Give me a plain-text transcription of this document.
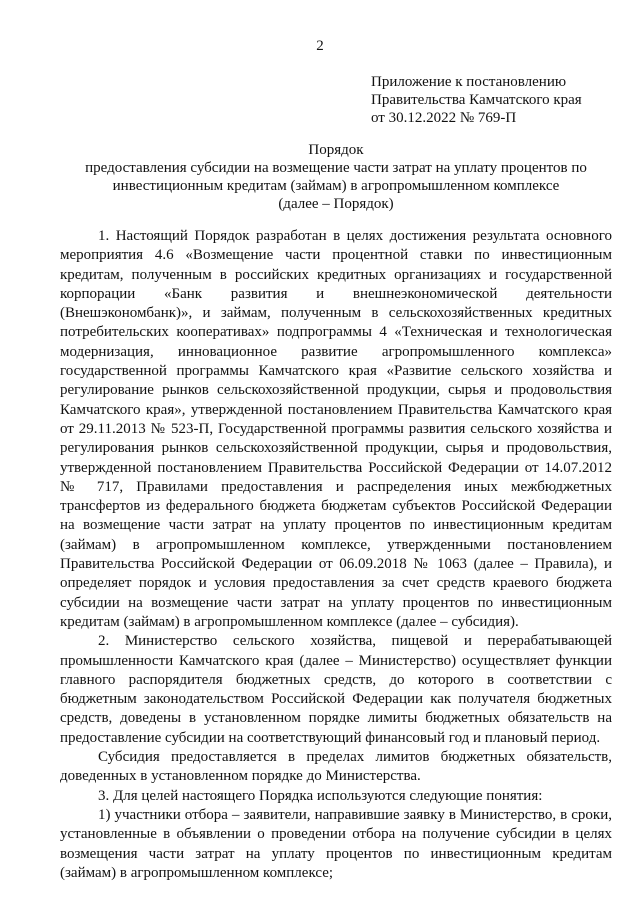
2
Приложение к постановлению
Правительства Камчатского края
от 30.12.2022 № 769-П
Порядок
предоставления субсидии на возмещение части затрат на уплату процентов по
инвестиционным кредитам (займам) в агропромышленном комплексе
(далее – Порядок)

1. Настоящий Порядок разработан в целях достижения результата основного мероприятия 4.6 «Возмещение части процентной ставки по инвестиционным кредитам, полученным в российских кредитных организациях и государственной корпорации «Банк развития и внешнеэкономической деятельности (Внешэкономбанк)», и займам, полученным в сельскохозяйственных кредитных потребительских кооперативах» подпрограммы 4 «Техническая и технологическая модернизация, инновационное развитие агропромышленного комплекса» государственной программы Камчатского края «Развитие сельского хозяйства и регулирование рынков сельскохозяйственной продукции, сырья и продовольствия Камчатского края», утвержденной постановлением Правительства Камчатского края от 29.11.2013 № 523-П, Государственной программы развития сельского хозяйства и регулирования рынков сельскохозяйственной продукции, сырья и продовольствия, утвержденной постановлением Правительства Российской Федерации от 14.07.2012 № 717, Правилами предоставления и распределения иных межбюджетных трансфертов из федерального бюджета бюджетам субъектов Российской Федерации на возмещение части затрат на уплату процентов по инвестиционным кредитам (займам) в агропромышленном комплексе, утвержденными постановлением Правительства Российской Федерации от 06.09.2018 № 1063 (далее – Правила), и определяет порядок и условия предоставления за счет средств краевого бюджета субсидии на возмещение части затрат на уплату процентов по инвестиционным кредитам (займам) в агропромышленном комплексе (далее – субсидия).

2. Министерство сельского хозяйства, пищевой и перерабатывающей промышленности Камчатского края (далее – Министерство) осуществляет функции главного распорядителя бюджетных средств, до которого в соответствии с бюджетным законодательством Российской Федерации как получателя бюджетных средств, доведены в установленном порядке лимиты бюджетных обязательств на предоставление субсидии на соответствующий финансовый год и плановый период.

Субсидия предоставляется в пределах лимитов бюджетных обязательств, доведенных в установленном порядке до Министерства.

3. Для целей настоящего Порядка используются следующие понятия:

1) участники отбора – заявители, направившие заявку в Министерство, в сроки, установленные в объявлении о проведении отбора на получение субсидии в целях возмещения части затрат на уплату процентов по инвестиционным кредитам (займам) в агропромышленном комплексе;
